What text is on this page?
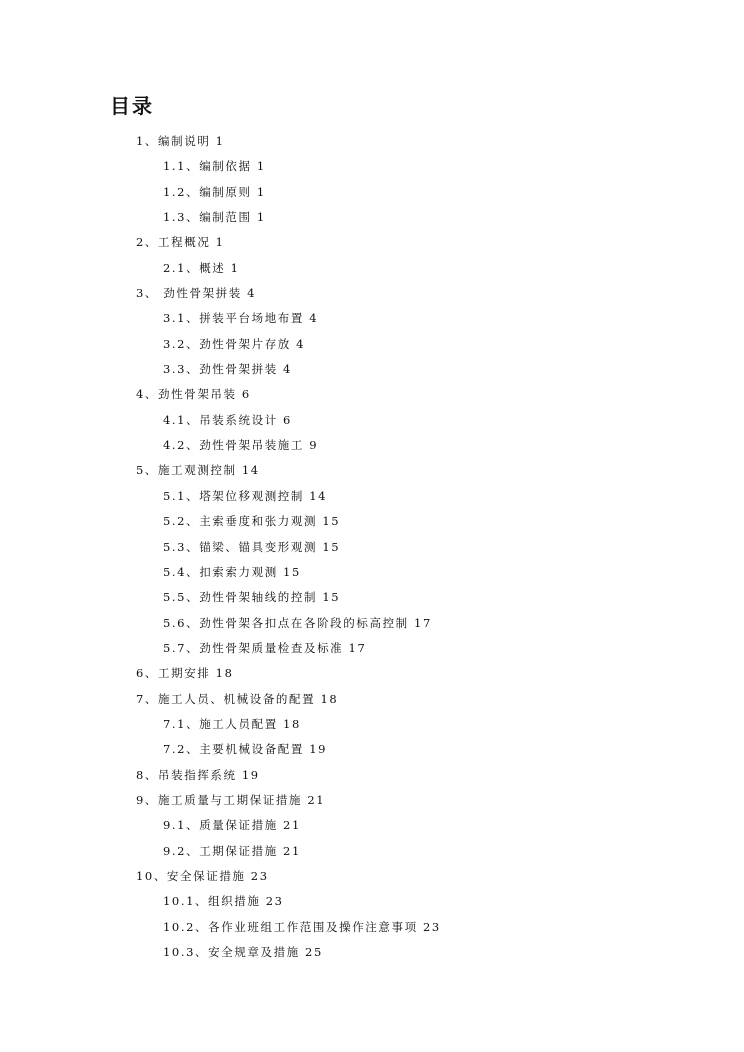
目录
1、编制说明 1
1.1、编制依据 1
1.2、编制原则 1
1.3、编制范围 1
2、工程概况 1
2.1、概述 1
3、 劲性骨架拼装 4
3.1、拼装平台场地布置 4
3.2、劲性骨架片存放 4
3.3、劲性骨架拼装 4
4、劲性骨架吊装 6
4.1、吊装系统设计 6
4.2、劲性骨架吊装施工 9
5、施工观测控制 14
5.1、塔架位移观测控制 14
5.2、主索垂度和张力观测 15
5.3、锚梁、锚具变形观测 15
5.4、扣索索力观测 15
5.5、劲性骨架轴线的控制 15
5.6、劲性骨架各扣点在各阶段的标高控制 17
5.7、劲性骨架质量检查及标准 17
6、工期安排 18
7、施工人员、机械设备的配置 18
7.1、施工人员配置 18
7.2、主要机械设备配置 19
8、吊装指挥系统 19
9、施工质量与工期保证措施 21
9.1、质量保证措施 21
9.2、工期保证措施 21
10、安全保证措施 23
10.1、组织措施 23
10.2、各作业班组工作范围及操作注意事项 23
10.3、安全规章及措施 25
